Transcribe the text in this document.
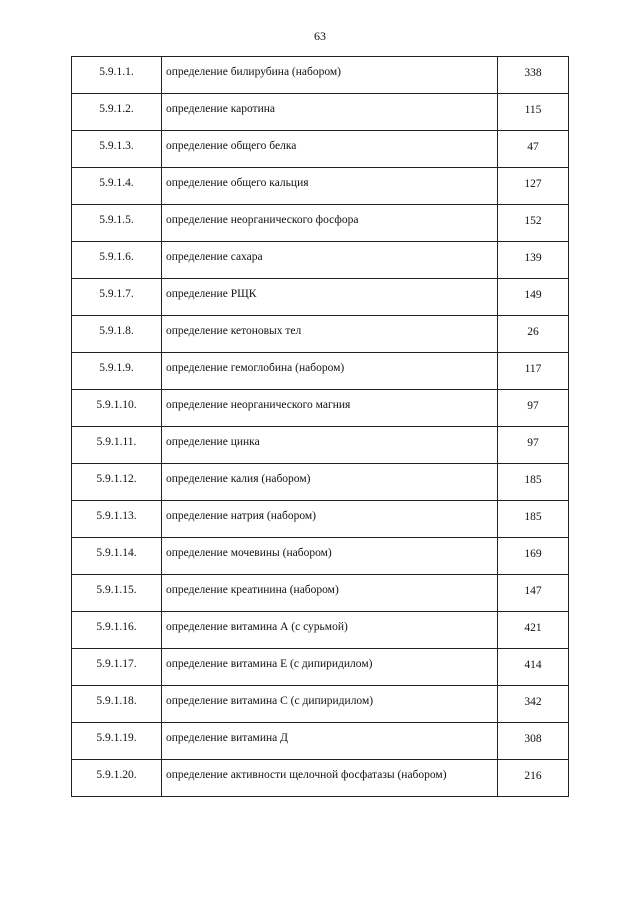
63
5.9.1.1.	определение билирубина (набором)	338
5.9.1.2.	определение каротина	115
5.9.1.3.	определение общего белка	47
5.9.1.4.	определение общего кальция	127
5.9.1.5.	определение неорганического фосфора	152
5.9.1.6.	определение сахара	139
5.9.1.7.	определение РЩК	149
5.9.1.8.	определение кетоновых тел	26
5.9.1.9.	определение гемоглобина (набором)	117
5.9.1.10.	определение неорганического магния	97
5.9.1.11.	определение цинка	97
5.9.1.12.	определение калия (набором)	185
5.9.1.13.	определение натрия (набором)	185
5.9.1.14.	определение мочевины (набором)	169
5.9.1.15.	определение креатинина (набором)	147
5.9.1.16.	определение витамина А (с сурьмой)	421
5.9.1.17.	определение витамина Е (с дипиридилом)	414
5.9.1.18.	определение витамина С (с дипиридилом)	342
5.9.1.19.	определение витамина Д	308
5.9.1.20.	определение активности щелочной фосфатазы (набором)	216
